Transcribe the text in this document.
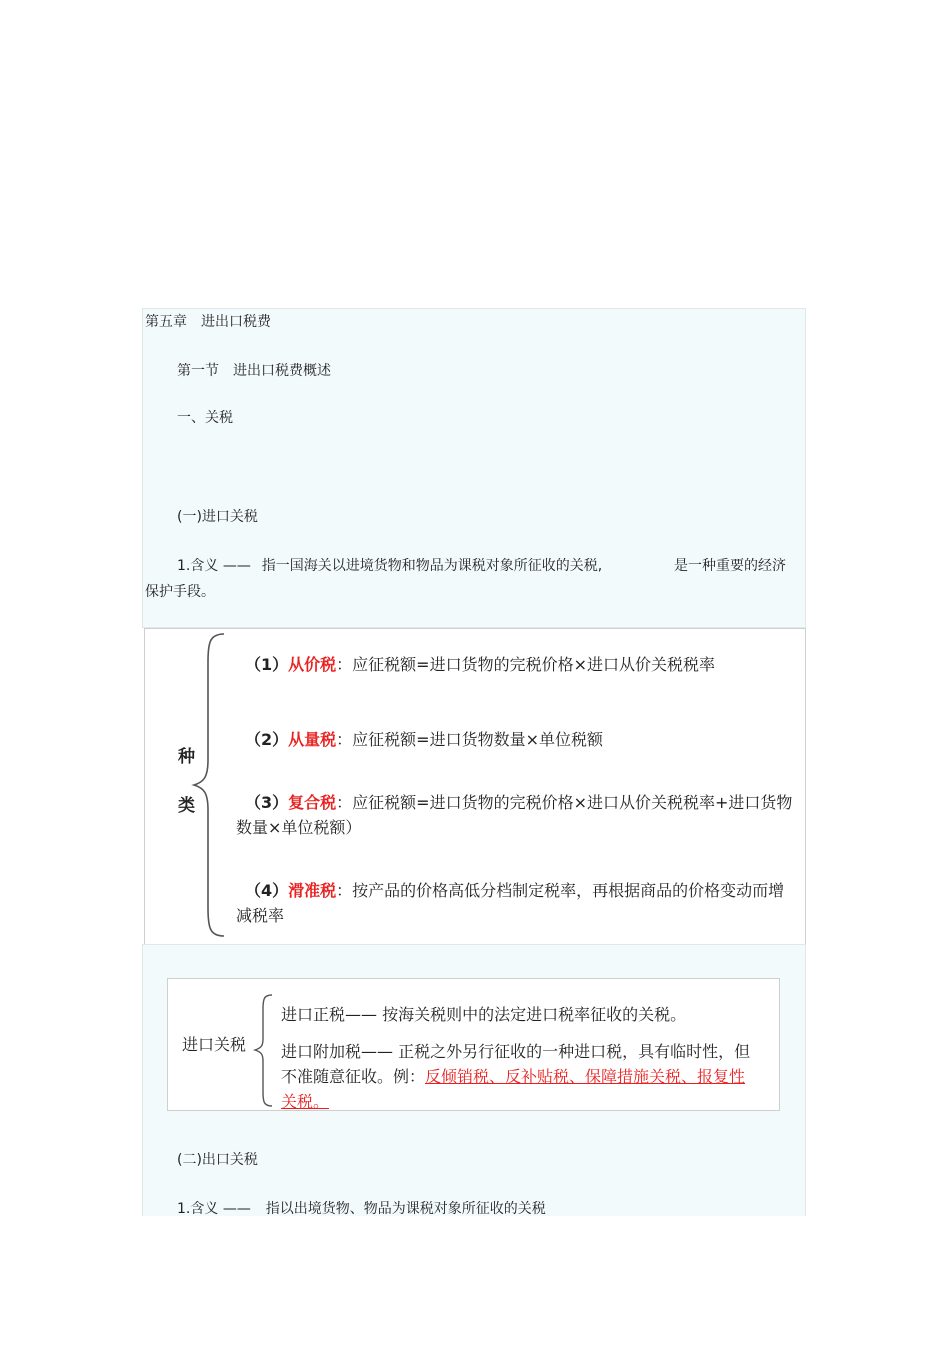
第五章 进出口税费
第一节 进出口税费概述
一、关税
(一)进口关税
1.含义 —— 指一国海关以进境货物和物品为课税对象所征收的关税,	是一种重要的经济
保护手段。
种
类
（1）从价税：应征税额=进口货物的完税价格×进口从价关税税率
（2）从量税：应征税额=进口货物数量×单位税额
（3）复合税：应征税额=进口货物的完税价格×进口从价关税税率+进口货物
数量×单位税额）
（4）滑准税：按产品的价格高低分档制定税率，再根据商品的价格变动而增
减税率
进口关税
进口正税—— 按海关税则中的法定进口税率征收的关税。
进口附加税—— 正税之外另行征收的一种进口税，具有临时性，但
不准随意征收。例：反倾销税、反补贴税、保障措施关税、报复性
关税。
(二)出口关税
1.含义 —— 指以出境货物、物品为课税对象所征收的关税
